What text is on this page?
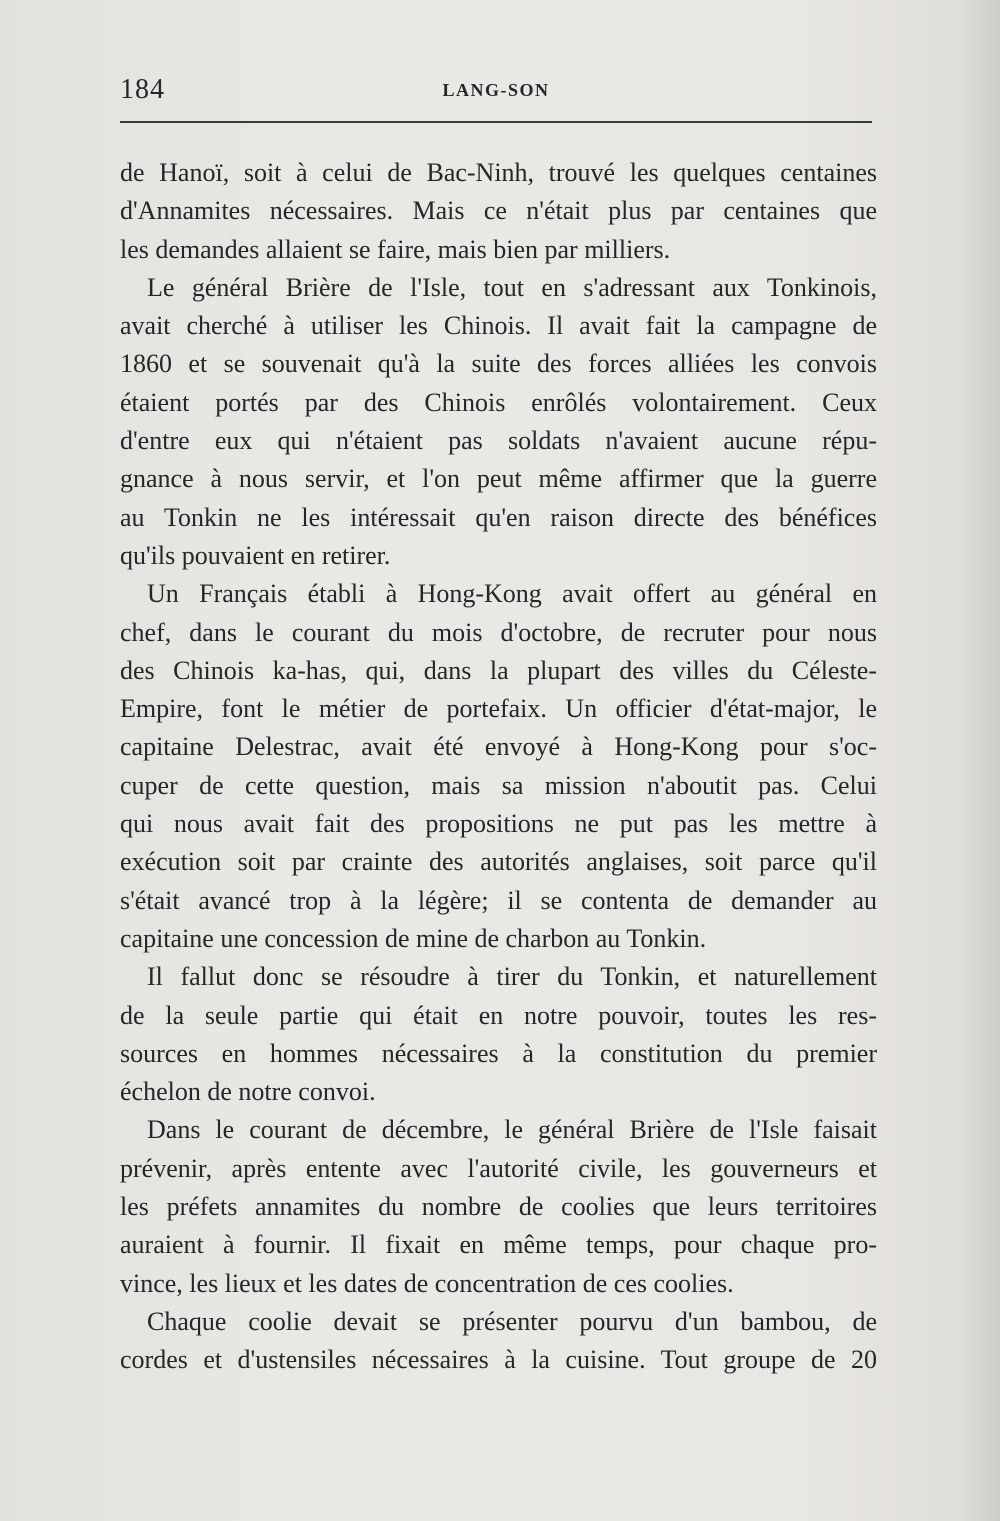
184	LANG-SON
de Hanoï, soit à celui de Bac-Ninh, trouvé les quelques centaines
d'Annamites nécessaires. Mais ce n'était plus par centaines que
les demandes allaient se faire, mais bien par milliers.
Le général Brière de l'Isle, tout en s'adressant aux Tonkinois,
avait cherché à utiliser les Chinois. Il avait fait la campagne de
1860 et se souvenait qu'à la suite des forces alliées les convois
étaient portés par des Chinois enrôlés volontairement. Ceux
d'entre eux qui n'étaient pas soldats n'avaient aucune répu-
gnance à nous servir, et l'on peut même affirmer que la guerre
au Tonkin ne les intéressait qu'en raison directe des bénéfices
qu'ils pouvaient en retirer.
Un Français établi à Hong-Kong avait offert au général en
chef, dans le courant du mois d'octobre, de recruter pour nous
des Chinois ka-has, qui, dans la plupart des villes du Céleste-
Empire, font le métier de portefaix. Un officier d'état-major, le
capitaine Delestrac, avait été envoyé à Hong-Kong pour s'oc-
cuper de cette question, mais sa mission n'aboutit pas. Celui
qui nous avait fait des propositions ne put pas les mettre à
exécution soit par crainte des autorités anglaises, soit parce qu'il
s'était avancé trop à la légère; il se contenta de demander au
capitaine une concession de mine de charbon au Tonkin.
Il fallut donc se résoudre à tirer du Tonkin, et naturellement
de la seule partie qui était en notre pouvoir, toutes les res-
sources en hommes nécessaires à la constitution du premier
échelon de notre convoi.
Dans le courant de décembre, le général Brière de l'Isle faisait
prévenir, après entente avec l'autorité civile, les gouverneurs et
les préfets annamites du nombre de coolies que leurs territoires
auraient à fournir. Il fixait en même temps, pour chaque pro-
vince, les lieux et les dates de concentration de ces coolies.
Chaque coolie devait se présenter pourvu d'un bambou, de
cordes et d'ustensiles nécessaires à la cuisine. Tout groupe de 20
